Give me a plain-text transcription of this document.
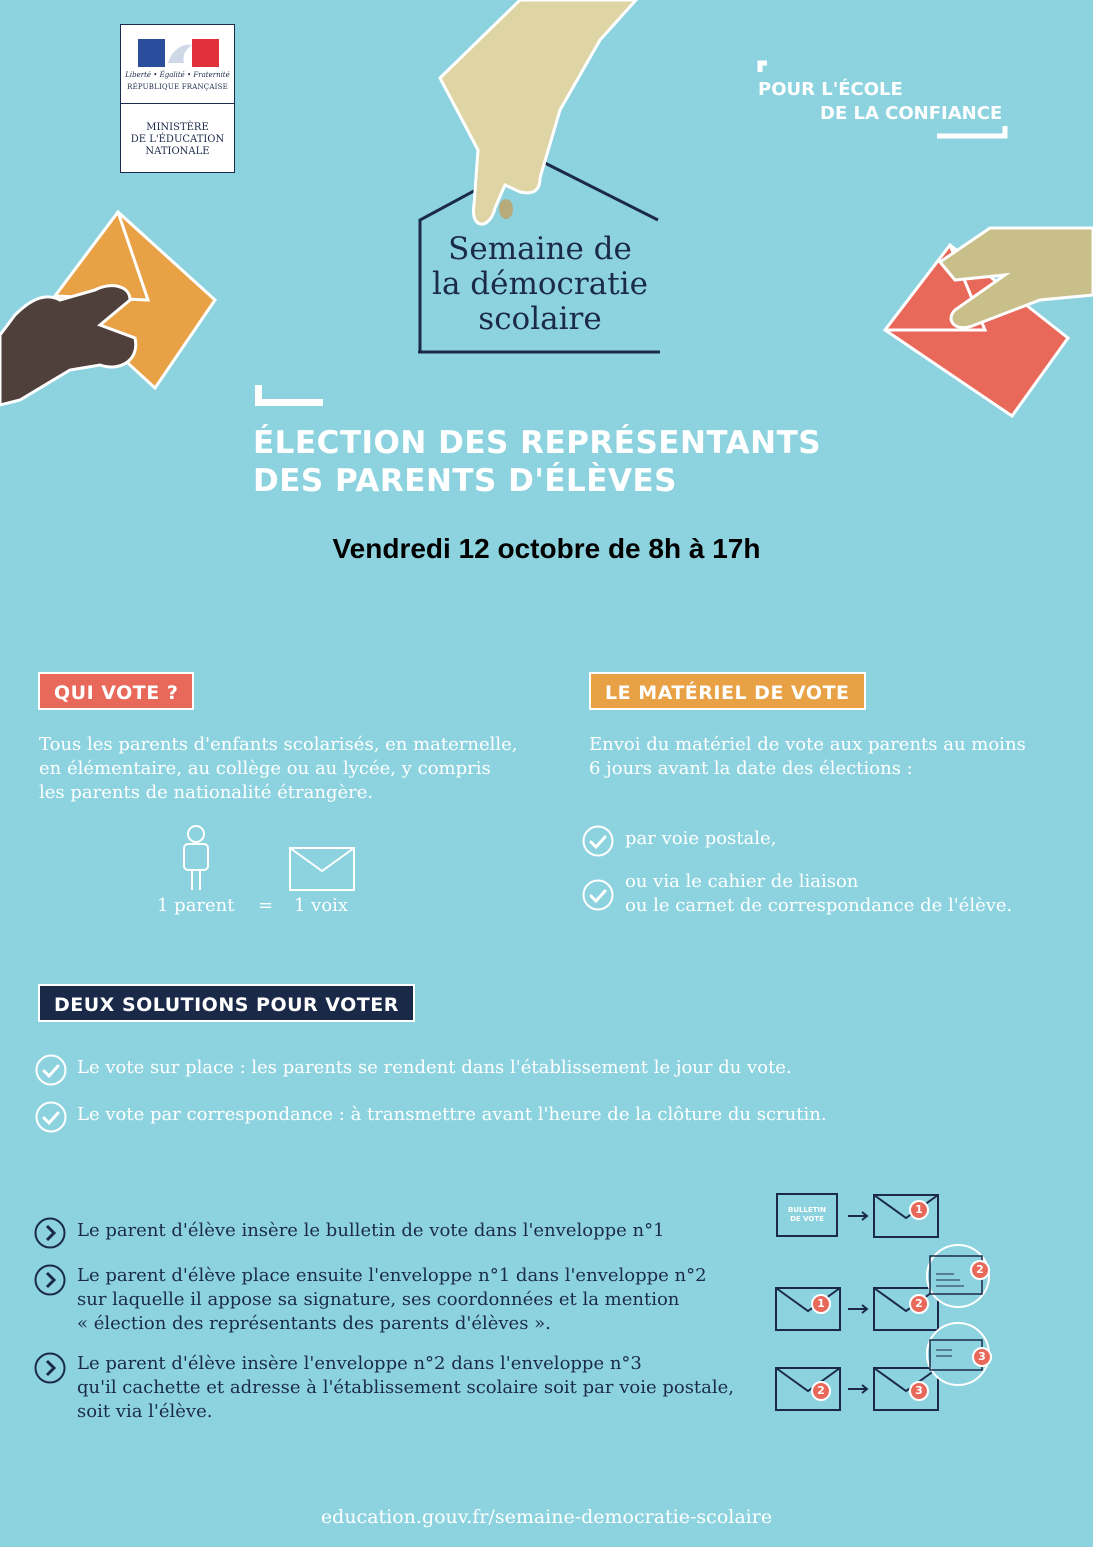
Liberté • Égalité • Fraternité
RÉPUBLIQUE FRANÇAISE
MINISTÈRE
DE L'ÉDUCATION
NATIONALE
POUR L'ÉCOLE
DE LA CONFIANCE
Semaine de
la démocratie
scolaire
ÉLECTION DES REPRÉSENTANTS
DES PARENTS D'ÉLÈVES
Vendredi 12 octobre de 8h à 17h
QUI VOTE ?
Tous les parents d'enfants scolarisés, en maternelle,
en élémentaire, au collège ou au lycée, y compris
les parents de nationalité étrangère.
1 parent = 1 voix
LE MATÉRIEL DE VOTE
Envoi du matériel de vote aux parents au moins
6 jours avant la date des élections :
par voie postale,
ou via le cahier de liaison
ou le carnet de correspondance de l'élève.
DEUX SOLUTIONS POUR VOTER
Le vote sur place : les parents se rendent dans l'établissement le jour du vote.
Le vote par correspondance : à transmettre avant l'heure de la clôture du scrutin.
Le parent d'élève insère le bulletin de vote dans l'enveloppe n°1
Le parent d'élève place ensuite l'enveloppe n°1 dans l'enveloppe n°2
sur laquelle il appose sa signature, ses coordonnées et la mention
« élection des représentants des parents d'élèves ».
Le parent d'élève insère l'enveloppe n°2 dans l'enveloppe n°3
qu'il cachette et adresse à l'établissement scolaire soit par voie postale,
soit via l'élève.
BULLETIN
DE VOTE
1
1	2
2
2	3
3
education.gouv.fr/semaine-democratie-scolaire
